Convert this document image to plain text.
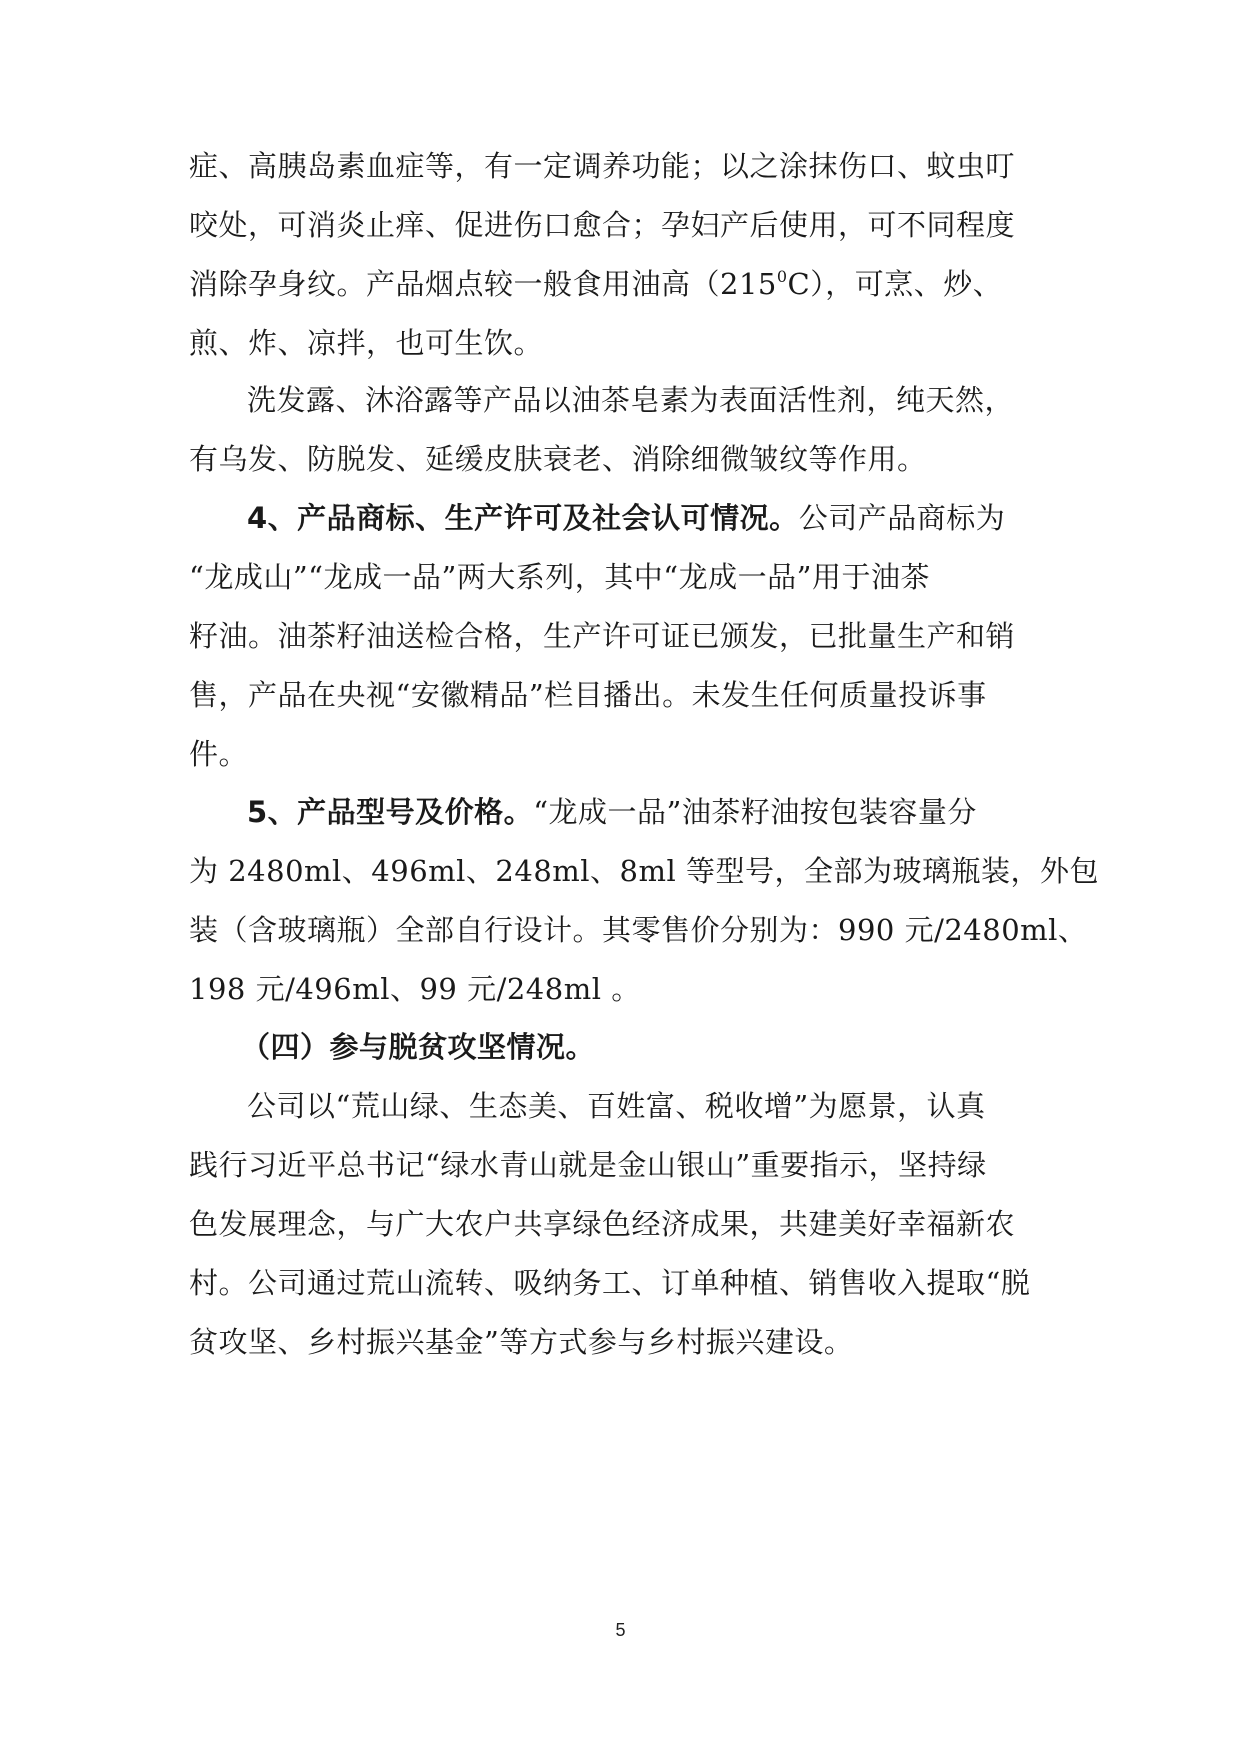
症、高胰岛素血症等，有一定调养功能；以之涂抹伤口、蚊虫叮
咬处，可消炎止痒、促进伤口愈合；孕妇产后使用，可不同程度
消除孕身纹。产品烟点较一般食用油高$(215^0C)$，可烹、炒、
煎、炸、凉拌，也可生饮。
洗发露、沐浴露等产品以油茶皂素为表面活性剂，纯天然，
有乌发、防脱发、延缓皮肤衰老、消除细微皱纹等作用。
4、产品商标、生产许可及社会认可情况。公司产品商标为
“龙成山”“龙成一品”两大系列，其中“龙成一品”用于油茶
籽油。油茶籽油送检合格，生产许可证已颁发，已批量生产和销
售，产品在央视“安徽精品”栏目播出。未发生任何质量投诉事
件。
5、产品型号及价格。“龙成一品”油茶籽油按包装容量分
为 2480ml、496ml、248ml、8ml 等型号，全部为玻璃瓶装，外包
装（含玻璃瓶）全部自行设计。其零售价分别为：990 元/2480ml、
198 元/496ml、99 元/248ml 。
（四）参与脱贫攻坚情况。
公司以“荒山绿、生态美、百姓富、税收增”为愿景，认真
践行习近平总书记“绿水青山就是金山银山”重要指示，坚持绿
色发展理念，与广大农户共享绿色经济成果，共建美好幸福新农
村。公司通过荒山流转、吸纳务工、订单种植、销售收入提取“脱
贫攻坚、乡村振兴基金”等方式参与乡村振兴建设。
5
